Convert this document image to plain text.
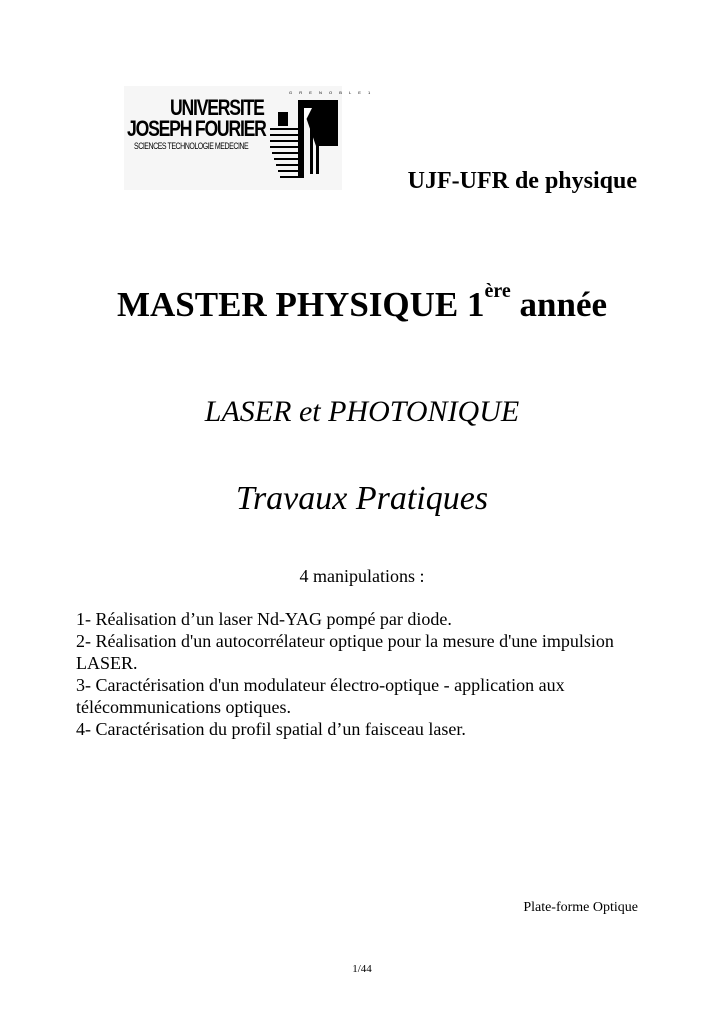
UNIVERSITE
JOSEPH FOURIER
SCIENCES TECHNOLOGIE MEDECINE
G R E N O B L E 1
UJF-UFR de physique
MASTER PHYSIQUE 1ère année
LASER et PHOTONIQUE
Travaux Pratiques
4 manipulations :

1- Réalisation d’un laser Nd-YAG pompé par diode.

2- Réalisation d'un autocorrélateur optique pour la mesure d'une impulsion LASER.

3- Caractérisation d'un modulateur électro-optique - application aux télécommunications optiques.

4- Caractérisation du profil spatial d’un faisceau laser.

Plate-forme Optique
1/44
